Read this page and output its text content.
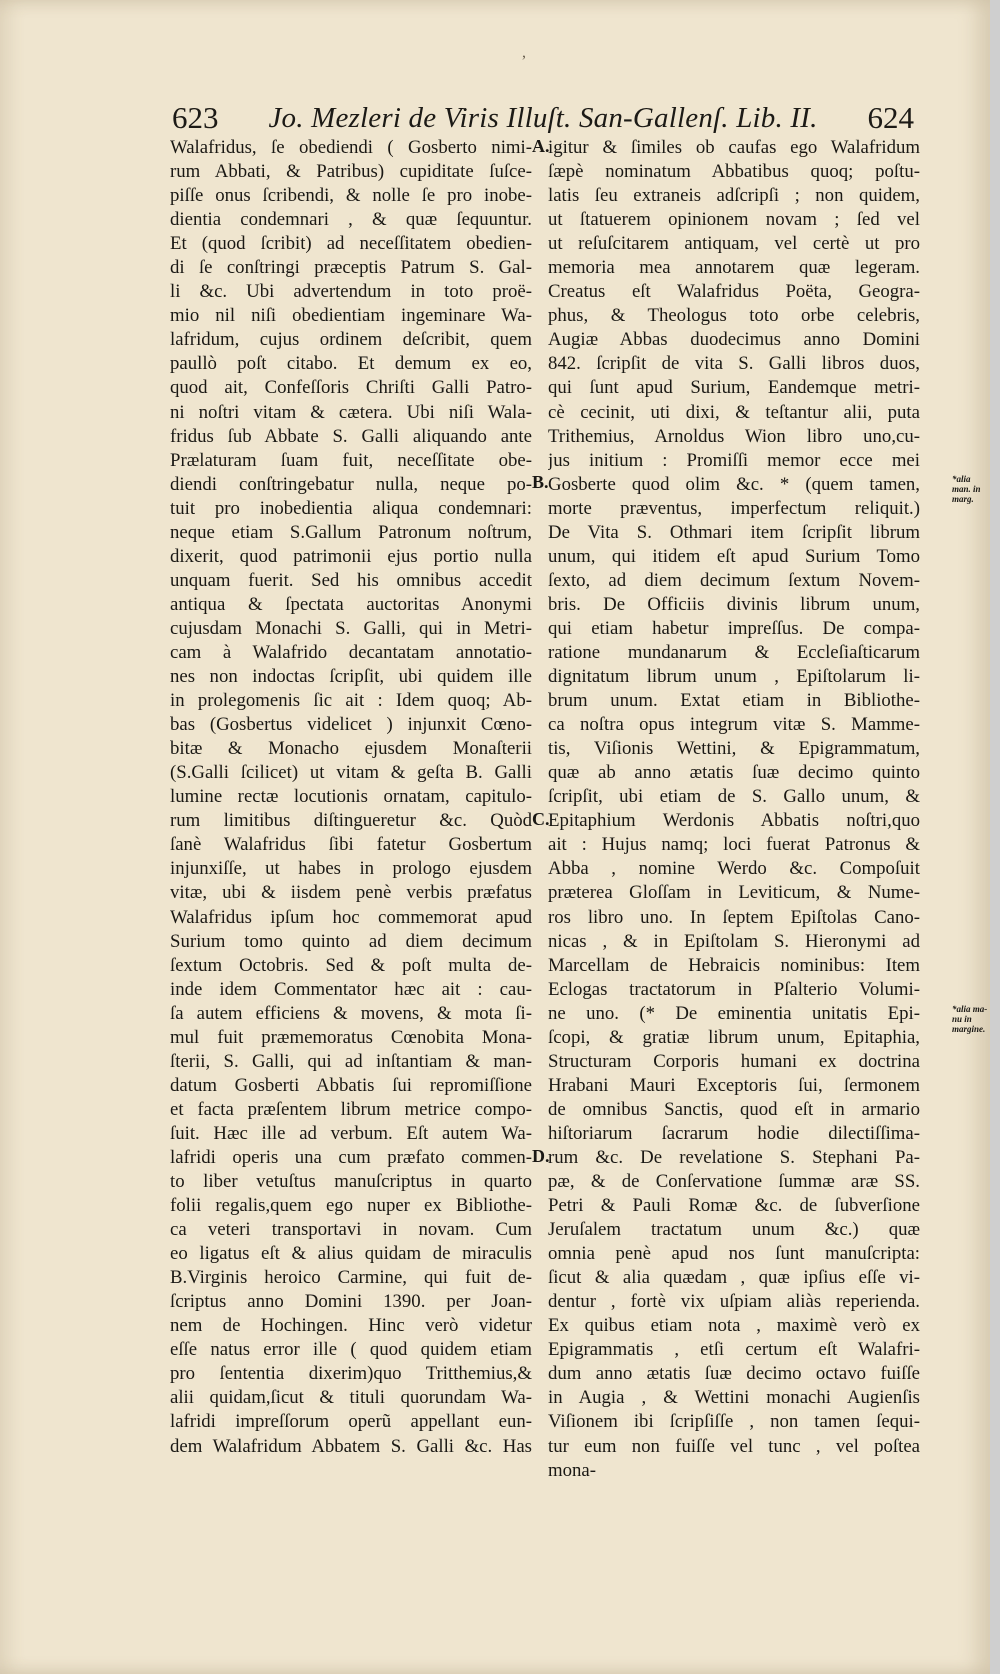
623	Jo. Mezleri de Viris Illuſt. San-Gallenſ. Lib. II.	624
Walafridus, ſe obediendi ( Gosberto nimi-
rum Abbati, & Patribus) cupiditate ſuſce-
piſſe onus ſcribendi, & nolle ſe pro inobe-
dientia condemnari , & quæ ſequuntur.
Et (quod ſcribit) ad neceſſitatem obedien-
di ſe conſtringi præceptis Patrum S. Gal-
li &c. Ubi advertendum in toto proë-
mio nil niſi obedientiam ingeminare Wa-
lafridum, cujus ordinem deſcribit, quem
paullò poſt citabo. Et demum ex eo,
quod ait, Confeſſoris Chriſti Galli Patro-
ni noſtri vitam & cætera. Ubi niſi Wala-
fridus ſub Abbate S. Galli aliquando ante
Prælaturam ſuam fuit, neceſſitate obe-
diendi conſtringebatur nulla, neque po-
tuit pro inobedientia aliqua condemnari:
neque etiam S.Gallum Patronum noſtrum,
dixerit, quod patrimonii ejus portio nulla
unquam fuerit. Sed his omnibus accedit
antiqua & ſpectata auctoritas Anonymi
cujusdam Monachi S. Galli, qui in Metri-
cam à Walafrido decantatam annotatio-
nes non indoctas ſcripſit, ubi quidem ille
in prolegomenis ſic ait : Idem quoq; Ab-
bas (Gosbertus videlicet ) injunxit Cœno-
bitæ & Monacho ejusdem Monaſterii
(S.Galli ſcilicet) ut vitam & geſta B. Galli
lumine rectæ locutionis ornatam, capitulo-
rum limitibus diſtingueretur &c. Quòd
ſanè Walafridus ſibi fatetur Gosbertum
injunxiſſe, ut habes in prologo ejusdem
vitæ, ubi & iisdem penè verbis præfatus
Walafridus ipſum hoc commemorat apud
Surium tomo quinto ad diem decimum
ſextum Octobris. Sed & poſt multa de-
inde idem Commentator hæc ait : cau-
ſa autem efficiens & movens, & mota ſi-
mul fuit præmemoratus Cœnobita Mona-
ſterii, S. Galli, qui ad inſtantiam & man-
datum Gosberti Abbatis ſui repromiſſione
et facta præſentem librum metrice compo-
ſuit. Hæc ille ad verbum. Eſt autem Wa-
lafridi operis una cum præfato commen-
to liber vetuſtus manuſcriptus in quarto
folii regalis,quem ego nuper ex Bibliothe-
ca veteri transportavi in novam. Cum
eo ligatus eſt & alius quidam de miraculis
B.Virginis heroico Carmine, qui fuit de-
ſcriptus anno Domini 1390. per Joan-
nem de Hochingen. Hinc verò videtur
eſſe natus error ille ( quod quidem etiam
pro ſententia dixerim)quo Tritthemius,&
alii quidam,ſicut & tituli quorundam Wa-
lafridi impreſſorum operũ appellant eun-
dem Walafridum Abbatem S. Galli &c. Has
igitur & ſimiles ob caufas ego Walafridum
ſæpè nominatum Abbatibus quoq; poſtu-
latis ſeu extraneis adſcripſi ; non quidem,
ut ſtatuerem opinionem novam ; ſed vel
ut reſuſcitarem antiquam, vel certè ut pro
memoria mea annotarem quæ legeram.
Creatus eſt Walafridus Poëta, Geogra-
phus, & Theologus toto orbe celebris,
Augiæ Abbas duodecimus anno Domini
842. ſcripſit de vita S. Galli libros duos,
qui ſunt apud Surium, Eandemque metri-
cè cecinit, uti dixi, & teſtantur alii, puta
Trithemius, Arnoldus Wion libro uno,cu-
jus initium : Promiſſi memor ecce mei
Gosberte quod olim &c. * (quem tamen,
morte præventus, imperfectum reliquit.)
De Vita S. Othmari item ſcripſit librum
unum, qui itidem eſt apud Surium Tomo
ſexto, ad diem decimum ſextum Novem-
bris. De Officiis divinis librum unum,
qui etiam habetur impreſſus. De compa-
ratione mundanarum & Eccleſiaſticarum
dignitatum librum unum , Epiſtolarum li-
brum unum. Extat etiam in Bibliothe-
ca noſtra opus integrum vitæ S. Mamme-
tis, Viſionis Wettini, & Epigrammatum,
quæ ab anno ætatis ſuæ decimo quinto
ſcripſit, ubi etiam de S. Gallo unum, &
Epitaphium Werdonis Abbatis noſtri,quo
ait : Hujus namq; loci fuerat Patronus &
Abba , nomine Werdo &c. Compoſuit
præterea Gloſſam in Leviticum, & Nume-
ros libro uno. In ſeptem Epiſtolas Cano-
nicas , & in Epiſtolam S. Hieronymi ad
Marcellam de Hebraicis nominibus: Item
Eclogas tractatorum in Pſalterio Volumi-
ne uno. (* De eminentia unitatis Epi-
ſcopi, & gratiæ librum unum, Epitaphia,
Structuram Corporis humani ex doctrina
Hrabani Mauri Exceptoris ſui, ſermonem
de omnibus Sanctis, quod eſt in armario
hiſtoriarum ſacrarum hodie dilectiſſima-
rum &c. De revelatione S. Stephani Pa-
pæ, & de Conſervatione ſummæ aræ SS.
Petri & Pauli Romæ &c. de ſubverſione
Jeruſalem tractatum unum &c.) quæ
omnia penè apud nos ſunt manuſcripta:
ſicut & alia quædam , quæ ipſius eſſe vi-
dentur , fortè vix uſpiam aliàs reperienda.
Ex quibus etiam nota , maximè verò ex
Epigrammatis , etſi certum eſt Walafri-
dum anno ætatis ſuæ decimo octavo fuiſſe
in Augia , & Wettini monachi Augienſis
Viſionem ibi ſcripſiſſe , non tamen ſequi-
tur eum non fuiſſe vel tunc , vel poſtea
mona-
A.
B.
C.
D.
*alia
man. in
marg.
*alia ma-
nu in
margine.
,
